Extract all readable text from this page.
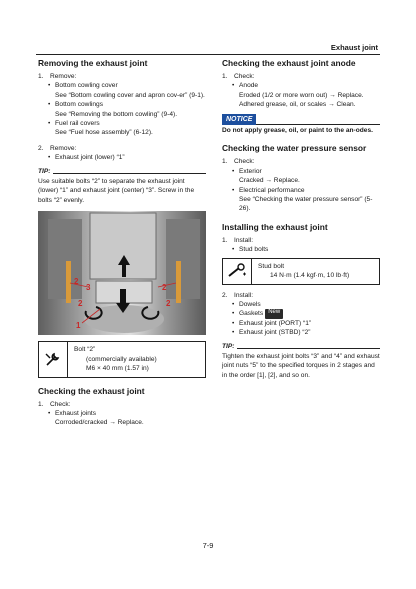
Exhaust joint
Removing the exhaust joint
1. Remove:
• Bottom cowling cover
See “Bottom cowling cover and apron cov-er” (9-1).
• Bottom cowlings
See “Removing the bottom cowling” (9-4).
• Fuel rail covers
See “Fuel hose assembly” (6-12).
2. Remove:
• Exhaust joint (lower) “1”
TIP:
Use suitable bolts “2” to separate the exhaust joint (lower) “1” and exhaust joint (center) “3”. Screw in the bolts “2” evenly.
2
3	2
2	2
1
Bolt “2”
(commercially available)
M6 × 40 mm (1.57 in)
Checking the exhaust joint
1. Check:
• Exhaust joints
Corroded/cracked → Replace.
Checking the exhaust joint anode
1. Check:
• Anode
Eroded (1/2 or more worn out) → Replace.
Adhered grease, oil, or scales → Clean.
NOTICE
Do not apply grease, oil, or paint to the an-odes.
Checking the water pressure sensor
1. Check:
• Exterior
Cracked → Replace.
• Electrical performance
See “Checking the water pressure sensor” (5-26).
Installing the exhaust joint
1. Install:
• Stud bolts
Stud bolt
14 N·m (1.4 kgf·m, 10 lb·ft)
2. Install:
• Dowels
• Gaskets New
• Exhaust joint (PORT) “1”
• Exhaust joint (STBD) “2”
TIP:
Tighten the exhaust joint bolts “3” and “4” and exhaust joint nuts “5” to the specified torques in 2 stages and in the order [1], [2], and so on.
7-9
